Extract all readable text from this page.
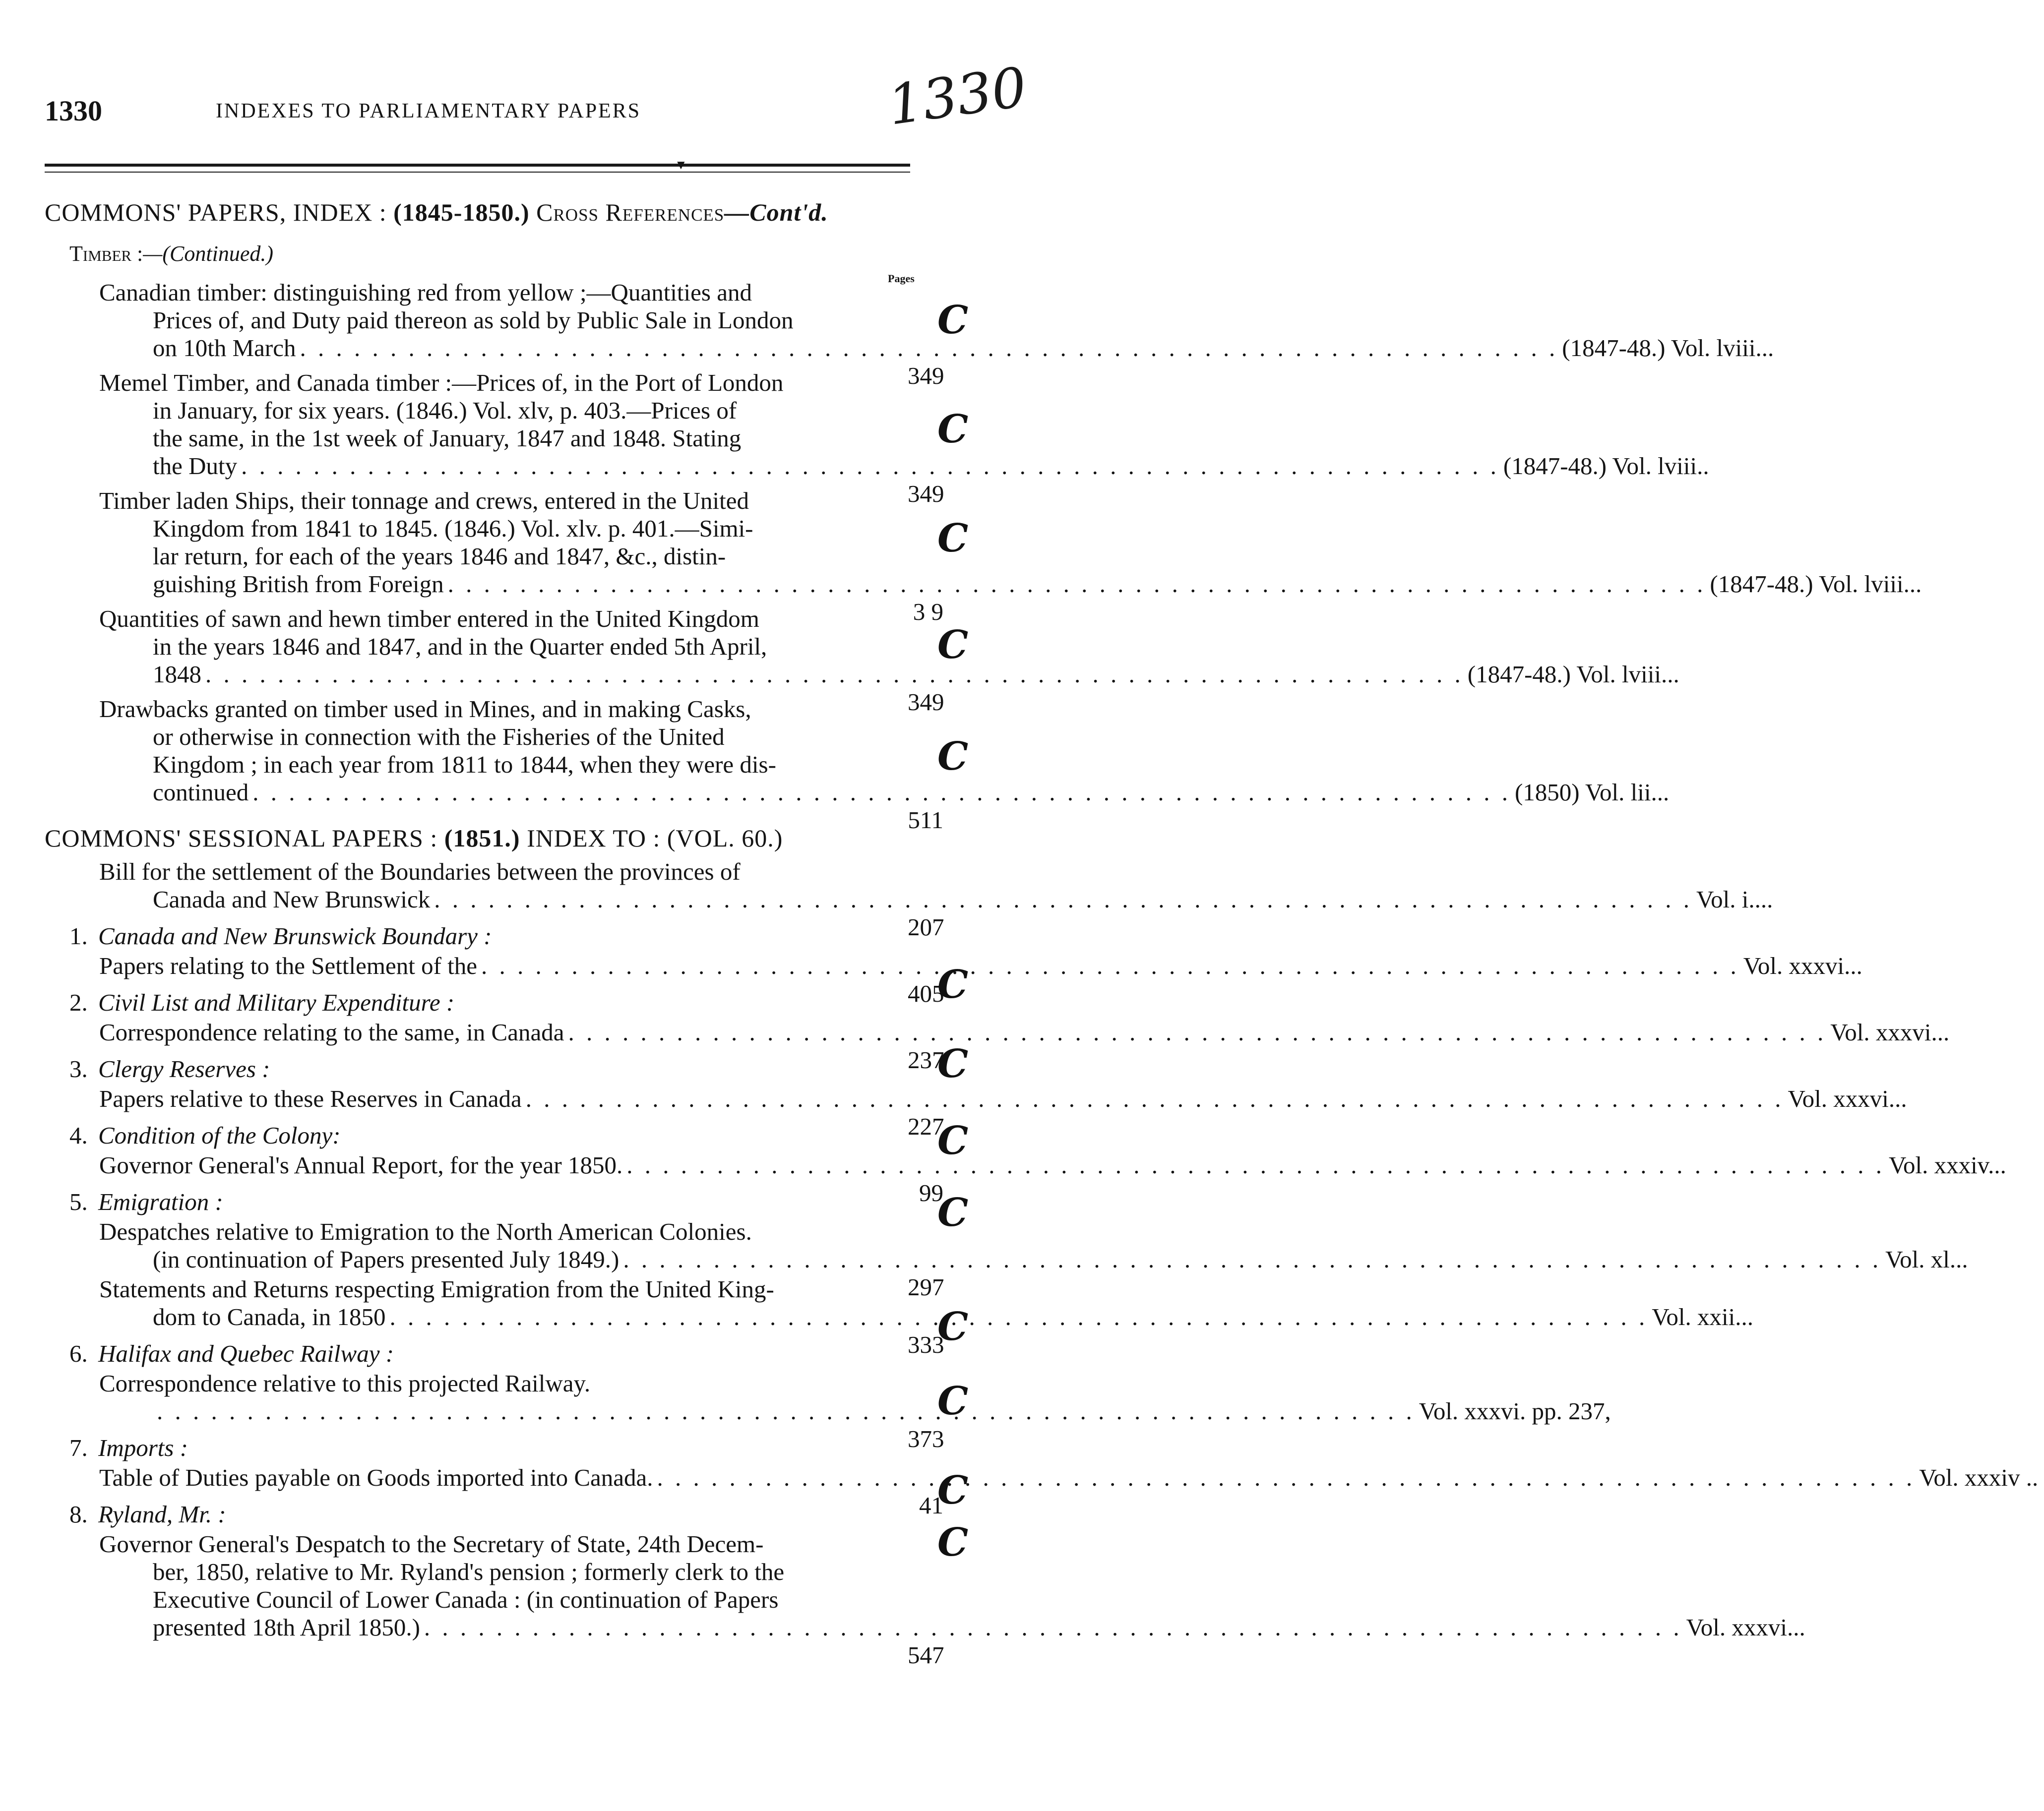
1330	INDEXES TO PARLIAMENTARY PAPERS	1330
▼
COMMONS' PAPERS, INDEX : (1845-1850.) Cross References—Cont'd.
Timber :—(Continued.)
Pages
Canadian timber: distinguishing red from yellow ;—Quantities and
Prices of, and Duty paid thereon as sold by Public Sale in London
on 10th March . . .	(1847-48.) Vol. lviii...
349
Memel Timber, and Canada timber :—Prices of, in the Port of London
in January, for six years. (1846.) Vol. xlv, p. 403.—Prices of
the same, in the 1st week of January, 1847 and 1848. Stating
the Duty . . .	(1847-48.) Vol. lviii..
349
Timber laden Ships, their tonnage and crews, entered in the United
Kingdom from 1841 to 1845. (1846.) Vol. xlv. p. 401.—Simi-
lar return, for each of the years 1846 and 1847, &c., distin-
guishing British from Foreign . . .	(1847-48.) Vol. lviii...
3 9
Quantities of sawn and hewn timber entered in the United Kingdom
in the years 1846 and 1847, and in the Quarter ended 5th April,
1848 . . .	(1847-48.) Vol. lviii...
349
Drawbacks granted on timber used in Mines, and in making Casks,
or otherwise in connection with the Fisheries of the United
Kingdom ; in each year from 1811 to 1844, when they were dis-
continued . . .	(1850) Vol. lii...
511
COMMONS' SESSIONAL PAPERS : (1851.) INDEX TO : (VOL. 60.)
Bill for the settlement of the Boundaries between the provinces of
Canada and New Brunswick . . .	Vol. i....
207
1. Canada and New Brunswick Boundary :
Papers relating to the Settlement of the . . .	Vol. xxxvi...
405
2. Civil List and Military Expenditure :
Correspondence relating to the same, in Canada . . .	Vol. xxxvi...
237
3. Clergy Reserves :
Papers relative to these Reserves in Canada . . .	Vol. xxxvi...
227
4. Condition of the Colony:
Governor General's Annual Report, for the year 1850. . . .	Vol. xxxiv...
99
5. Emigration :
Despatches relative to Emigration to the North American Colonies.
(in continuation of Papers presented July 1849.) . . .	Vol. xl...
297
Statements and Returns respecting Emigration from the United King-
dom to Canada, in 1850 . . .	Vol. xxii...
333
6. Halifax and Quebec Railway :
Correspondence relative to this projected Railway.
. . .
Vol. xxxvi. pp. 237,
373
7. Imports :
Table of Duties payable on Goods imported into Canada. . . .	Vol. xxxiv ..
41
8. Ryland, Mr. :
Governor General's Despatch to the Secretary of State, 24th Decem-
ber, 1850, relative to Mr. Ryland's pension ; formerly clerk to the
Executive Council of Lower Canada : (in continuation of Papers
presented 18th April 1850.) . . .	Vol. xxxvi...
547
C
C
C
C
C
C
C
C
C
C
C
C
C
